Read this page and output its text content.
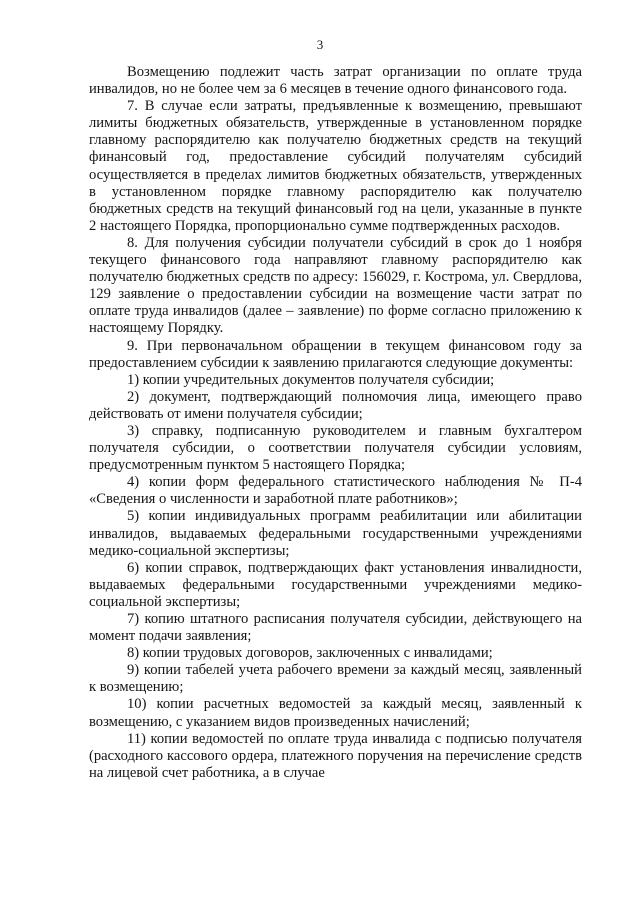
3

Возмещению подлежит часть затрат организации по оплате труда инвалидов, но не более чем за 6 месяцев в течение одного финансового года.

7. В случае если затраты, предъявленные к возмещению, превышают лимиты бюджетных обязательств, утвержденные в установленном порядке главному распорядителю как получателю бюджетных средств на текущий финансовый год, предоставление субсидий получателям субсидий осуществляется в пределах лимитов бюджетных обязательств, утвержденных в установленном порядке главному распорядителю как получателю бюджетных средств на текущий финансовый год на цели, указанные в пункте 2 настоящего Порядка, пропорционально сумме подтвержденных расходов.

8. Для получения субсидии получатели субсидий в срок до 1 ноября текущего финансового года направляют главному распорядителю как получателю бюджетных средств по адресу: 156029, г. Кострома, ул. Свердлова, 129 заявление о предоставлении субсидии на возмещение части затрат по оплате труда инвалидов (далее – заявление) по форме согласно приложению к настоящему Порядку.

9. При первоначальном обращении в текущем финансовом году за предоставлением субсидии к заявлению прилагаются следующие документы:

1) копии учредительных документов получателя субсидии;

2) документ, подтверждающий полномочия лица, имеющего право действовать от имени получателя субсидии;

3) справку, подписанную руководителем и главным бухгалтером получателя субсидии, о соответствии получателя субсидии условиям, предусмотренным пунктом 5 настоящего Порядка;

4) копии форм федерального статистического наблюдения № П-4 «Сведения о численности и заработной плате работников»;

5) копии индивидуальных программ реабилитации или абилитации инвалидов, выдаваемых федеральными государственными учреждениями медико-социальной экспертизы;

6) копии справок, подтверждающих факт установления инвалидности, выдаваемых федеральными государственными учреждениями медико-социальной экспертизы;

7) копию штатного расписания получателя субсидии, действующего на момент подачи заявления;

8) копии трудовых договоров, заключенных с инвалидами;

9) копии табелей учета рабочего времени за каждый месяц, заявленный к возмещению;

10) копии расчетных ведомостей за каждый месяц, заявленный к возмещению, с указанием видов произведенных начислений;

11) копии ведомостей по оплате труда инвалида с подписью получателя (расходного кассового ордера, платежного поручения на перечисление средств на лицевой счет работника, а в случае
